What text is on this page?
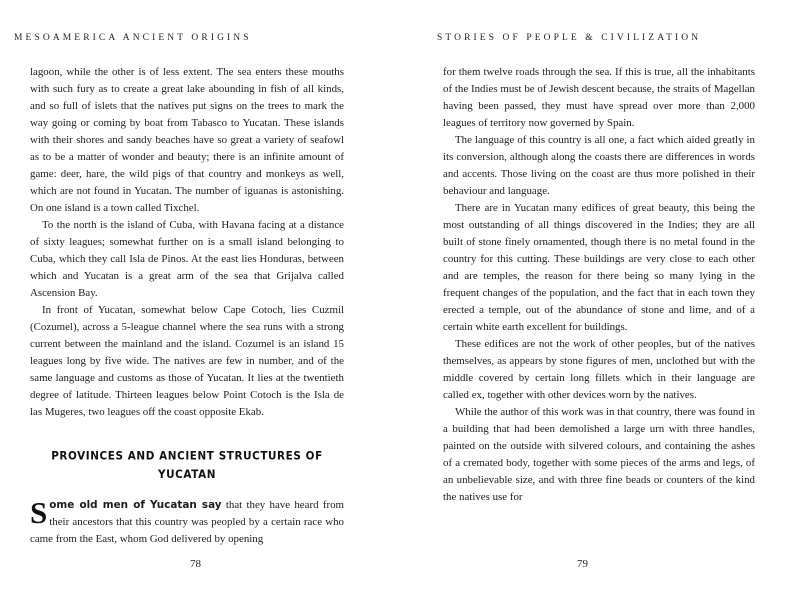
MESOAMERICA ANCIENT ORIGINS

lagoon, while the other is of less extent. The sea enters these mouths with such fury as to create a great lake abounding in fish of all kinds, and so full of islets that the natives put signs on the trees to mark the way going or coming by boat from Tabasco to Yucatan. These islands with their shores and sandy beaches have so great a variety of seafowl as to be a matter of wonder and beauty; there is an infinite amount of game: deer, hare, the wild pigs of that country and monkeys as well, which are not found in Yucatan. The number of iguanas is astonishing. On one island is a town called Tixchel.

To the north is the island of Cuba, with Havana facing at a distance of sixty leagues; somewhat further on is a small island belonging to Cuba, which they call Isla de Pinos. At the east lies Honduras, between which and Yucatan is a great arm of the sea that Grijalva called Ascension Bay.

In front of Yucatan, somewhat below Cape Cotoch, lies Cuzmil (Cozumel), across a 5-league channel where the sea runs with a strong current between the mainland and the island. Cozumel is an island 15 leagues long by five wide. The natives are few in number, and of the same language and customs as those of Yucatan. It lies at the twentieth degree of latitude. Thirteen leagues below Point Cotoch is the Isla de las Mugeres, two leagues off the coast opposite Ekab.

PROVINCES AND ANCIENT STRUCTURES OF YUCATAN

Some old men of Yucatan say that they have heard from their ancestors that this country was peopled by a certain race who came from the East, whom God delivered by opening

78
STORIES OF PEOPLE & CIVILIZATION

for them twelve roads through the sea. If this is true, all the inhabitants of the Indies must be of Jewish descent because, the straits of Magellan having been passed, they must have spread over more than 2,000 leagues of territory now governed by Spain.

The language of this country is all one, a fact which aided greatly in its conversion, although along the coasts there are differences in words and accents. Those living on the coast are thus more polished in their behaviour and language.

There are in Yucatan many edifices of great beauty, this being the most outstanding of all things discovered in the Indies; they are all built of stone finely ornamented, though there is no metal found in the country for this cutting. These buildings are very close to each other and are temples, the reason for there being so many lying in the frequent changes of the population, and the fact that in each town they erected a temple, out of the abundance of stone and lime, and of a certain white earth excellent for buildings.

These edifices are not the work of other peoples, but of the natives themselves, as appears by stone figures of men, unclothed but with the middle covered by certain long fillets which in their language are called ex, together with other devices worn by the natives.

While the author of this work was in that country, there was found in a building that had been demolished a large urn with three handles, painted on the outside with silvered colours, and containing the ashes of a cremated body, together with some pieces of the arms and legs, of an unbelievable size, and with three fine beads or counters of the kind the natives use for

79
